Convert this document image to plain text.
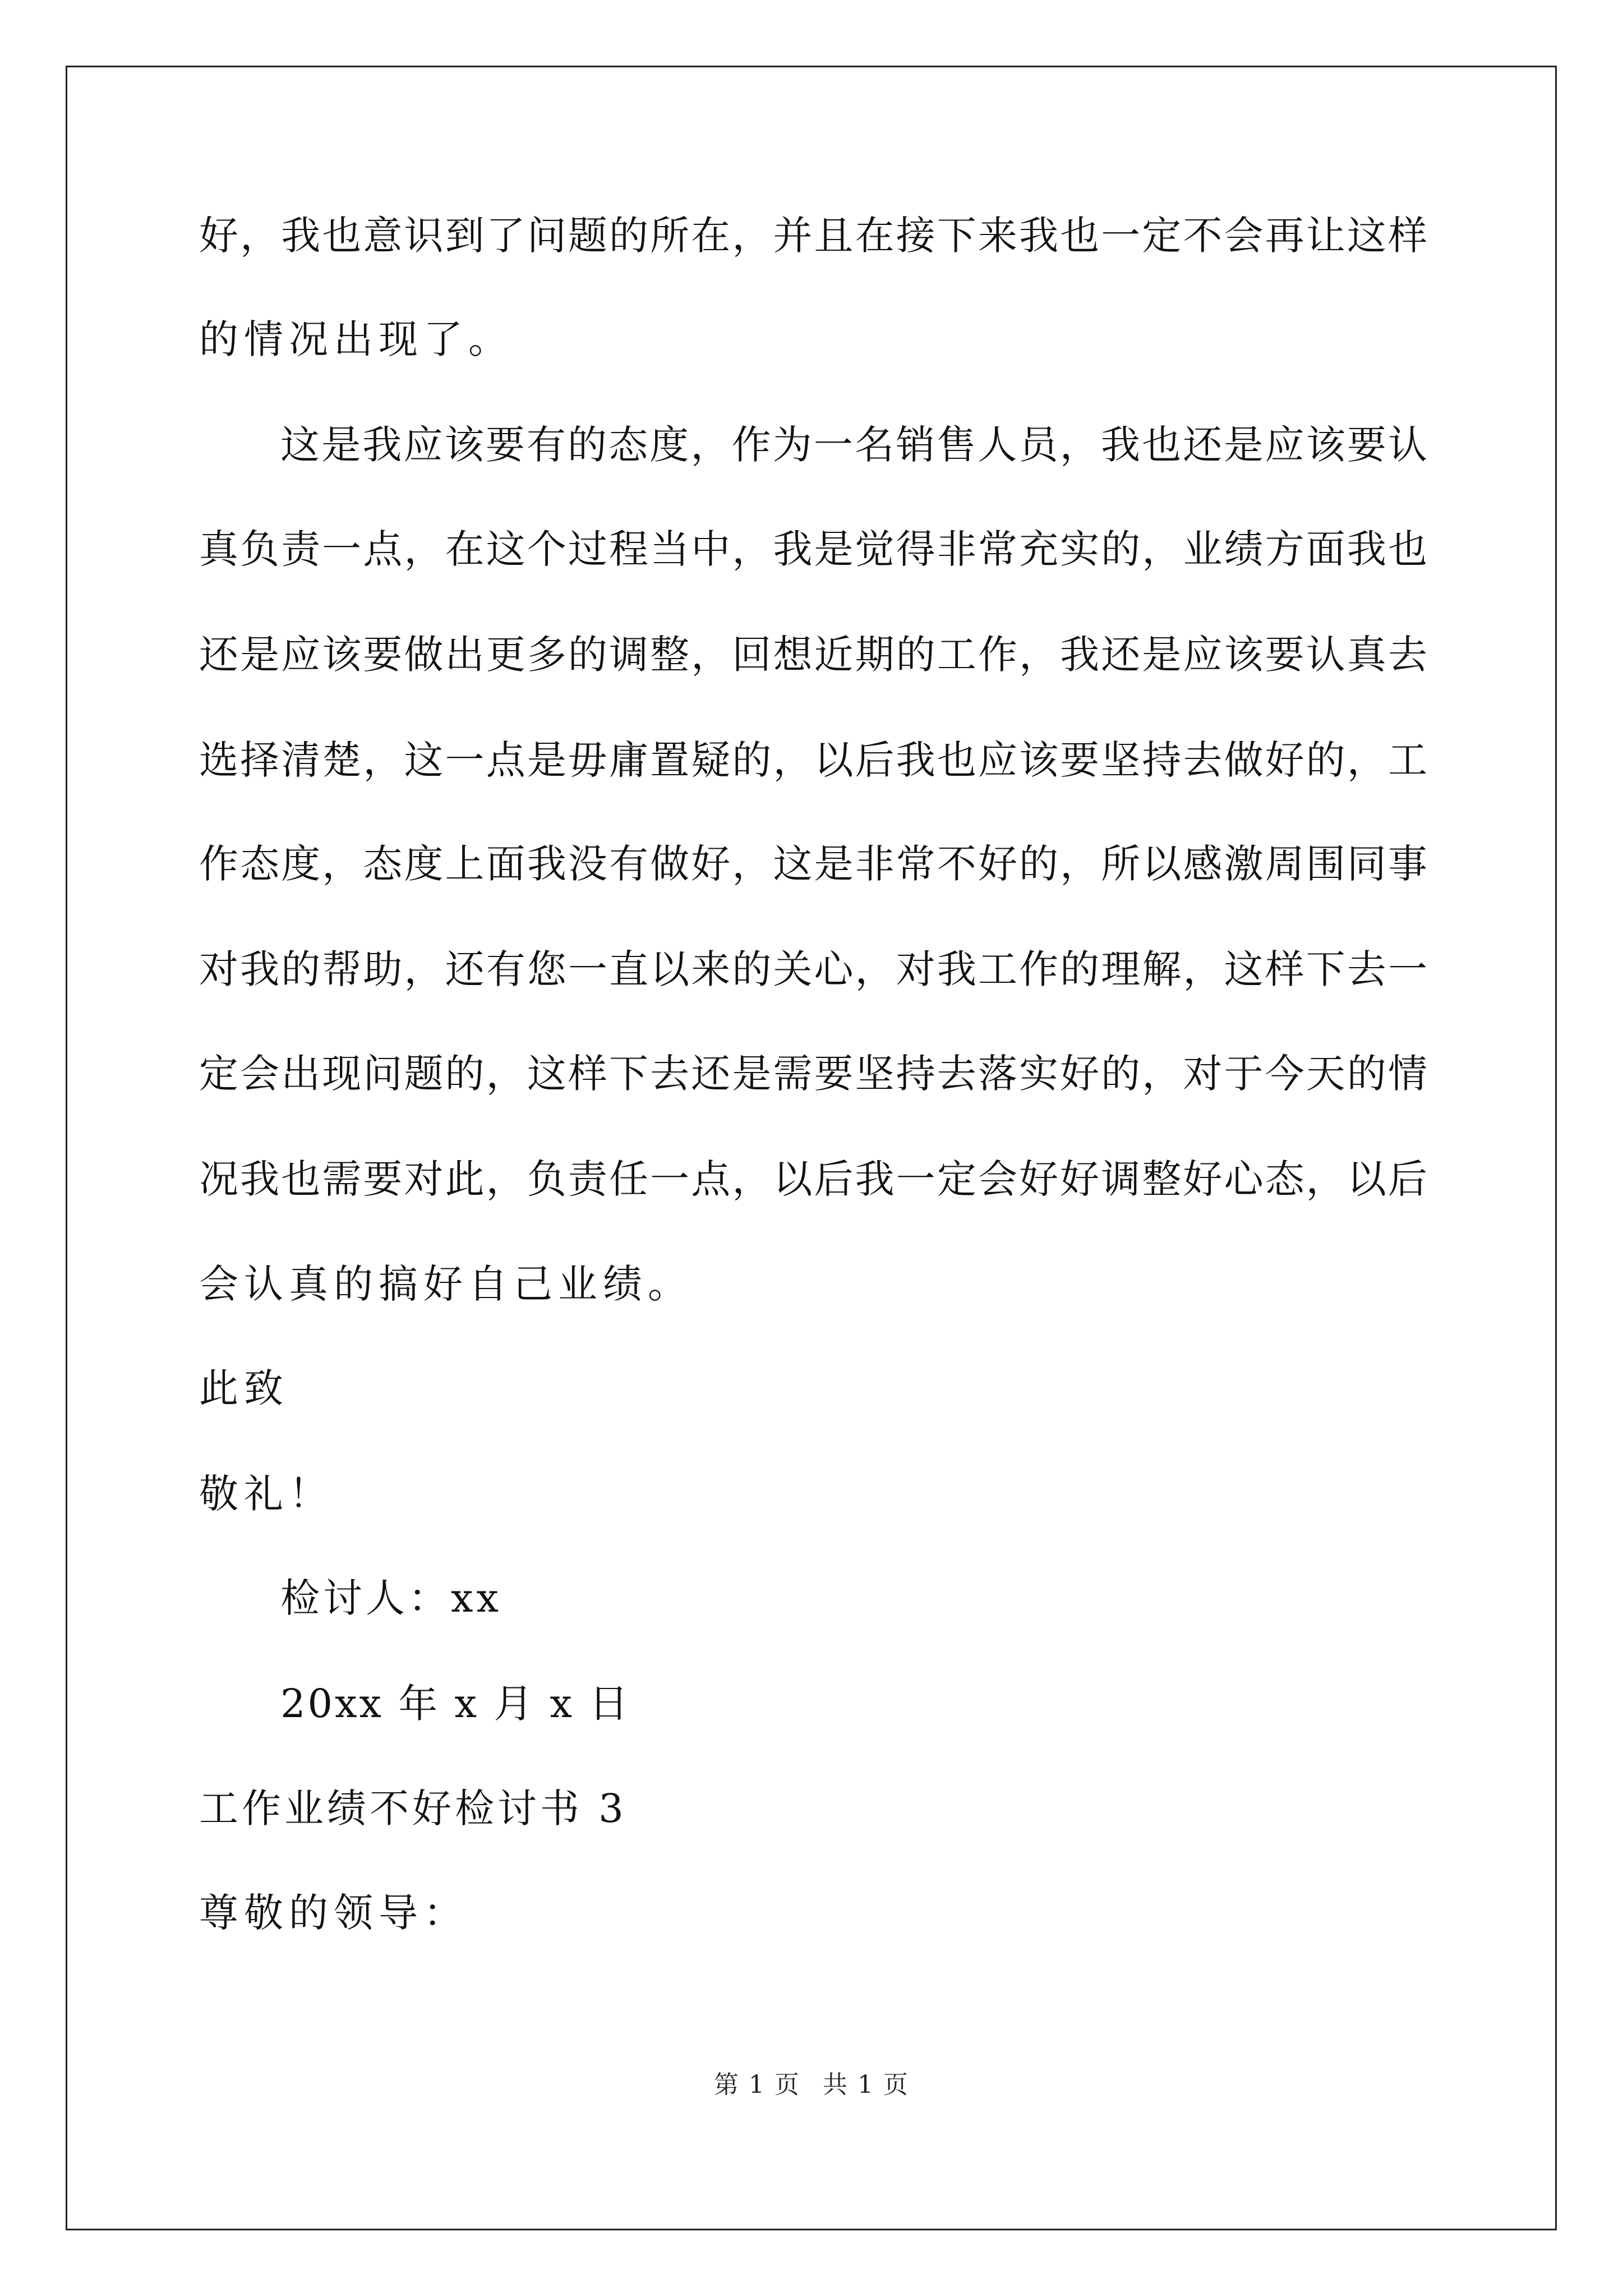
好，我也意识到了问题的所在，并且在接下来我也一定不会再让这样
的情况出现了。
这是我应该要有的态度，作为一名销售人员，我也还是应该要认
真负责一点，在这个过程当中，我是觉得非常充实的，业绩方面我也
还是应该要做出更多的调整，回想近期的工作，我还是应该要认真去
选择清楚，这一点是毋庸置疑的，以后我也应该要坚持去做好的，工
作态度，态度上面我没有做好，这是非常不好的，所以感激周围同事
对我的帮助，还有您一直以来的关心，对我工作的理解，这样下去一
定会出现问题的，这样下去还是需要坚持去落实好的，对于今天的情
况我也需要对此，负责任一点，以后我一定会好好调整好心态，以后
会认真的搞好自己业绩。
此致
敬礼！
检讨人：xx
20xx 年 x 月 x 日
工作业绩不好检讨书 3
尊敬的领导：
第 1 页 共 1 页
